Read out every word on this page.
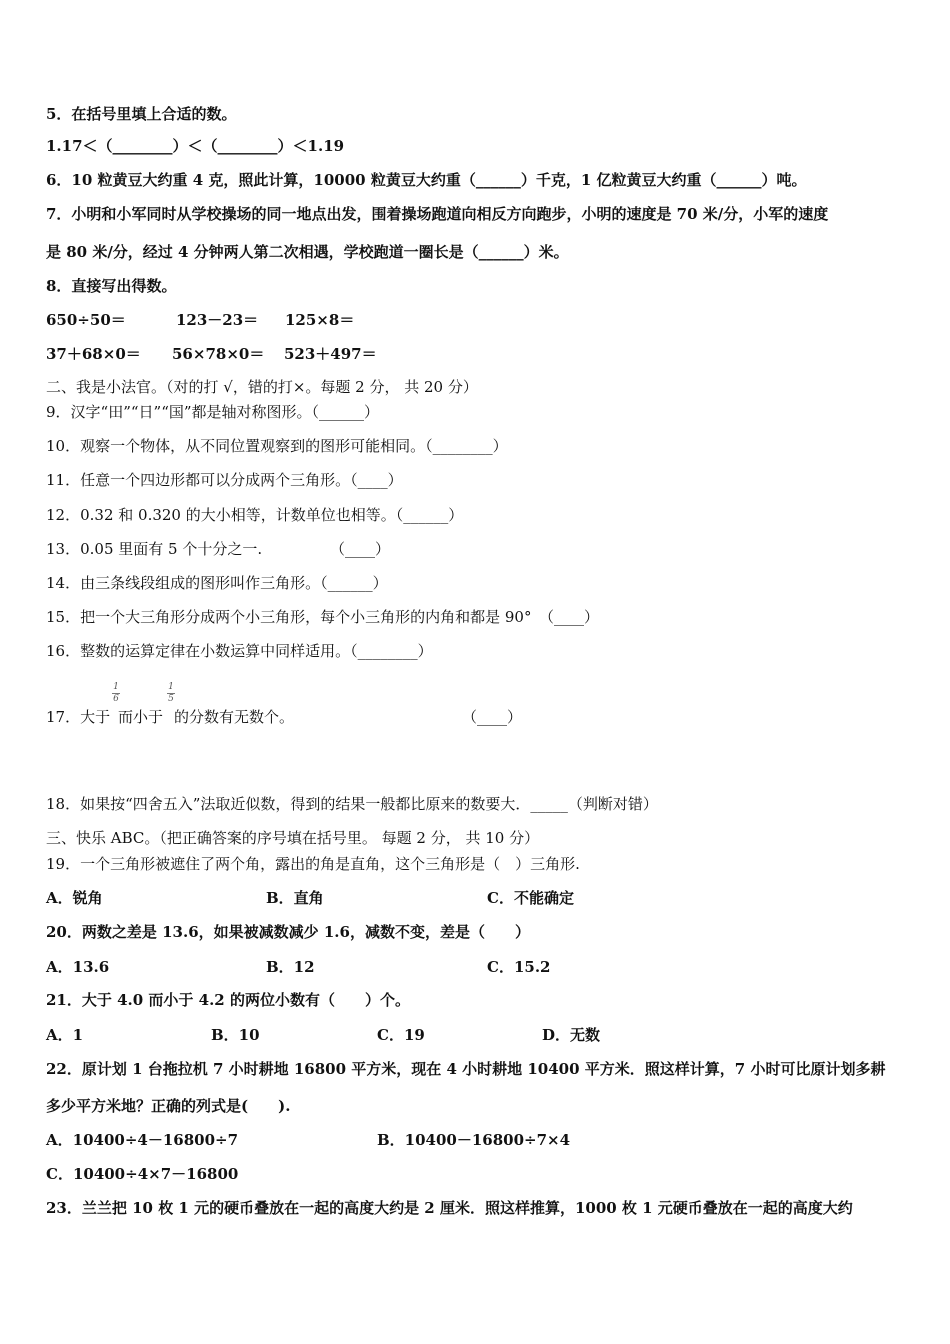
5．在括号里填上合适的数。
1.17＜（________）＜（________）＜1.19
6．10 粒黄豆大约重 4 克，照此计算，10000 粒黄豆大约重（______）千克，1 亿粒黄豆大约重（______）吨。
7．小明和小军同时从学校操场的同一地点出发，围着操场跑道向相反方向跑步，小明的速度是 70 米/分，小军的速度
是 80 米/分，经过 4 分钟两人第二次相遇，学校跑道一圈长是（______）米。
8．直接写出得数。
650÷50＝	123－23＝ 125×8＝
37＋68×0＝ 56×78×0＝ 523＋497＝
二、我是小法官。（对的打 √，错的打×。每题 2 分， 共 20 分）
9．汉字“田”“日”“国”都是轴对称图形。（______）
10．观察一个物体，从不同位置观察到的图形可能相同。（________）
11．任意一个四边形都可以分成两个三角形。（____）
12．0.32 和 0.320 的大小相等，计数单位也相等。（______）
13．0.05 里面有 5 个十分之一.	（____）
14．由三条线段组成的图形叫作三角形。（______）
15．把一个大三角形分成两个小三角形，每个小三角形的内角和都是 90°　（____）
16．整数的运算定律在小数运算中同样适用。（________）
17．大于
1
6
而小于
1
5
的分数有无数个。	（____）
18．如果按“四舍五入”法取近似数，得到的结果一般都比原来的数要大．_____（判断对错）
三、快乐 ABC。（把正确答案的序号填在括号里。 每题 2 分， 共 10 分）
19．一个三角形被遮住了两个角，露出的角是直角，这个三角形是（　）三角形.
A．锐角	B．直角	C．不能确定
20．两数之差是 13.6，如果被减数减少 1.6，减数不变，差是（　　）
A．13.6	B．12	C．15.2
21．大于 4.0 而小于 4.2 的两位小数有（　　）个。
A．1	B．10	C．19	D．无数
22．原计划 1 台拖拉机 7 小时耕地 16800 平方米，现在 4 小时耕地 10400 平方米．照这样计算，7 小时可比原计划多耕
多少平方米地？正确的列式是(　　).
A．10400÷4－16800÷7	B．10400－16800÷7×4
C．10400÷4×7－16800
23．兰兰把 10 枚 1 元的硬币叠放在一起的高度大约是 2 厘米．照这样推算，1000 枚 1 元硬币叠放在一起的高度大约
